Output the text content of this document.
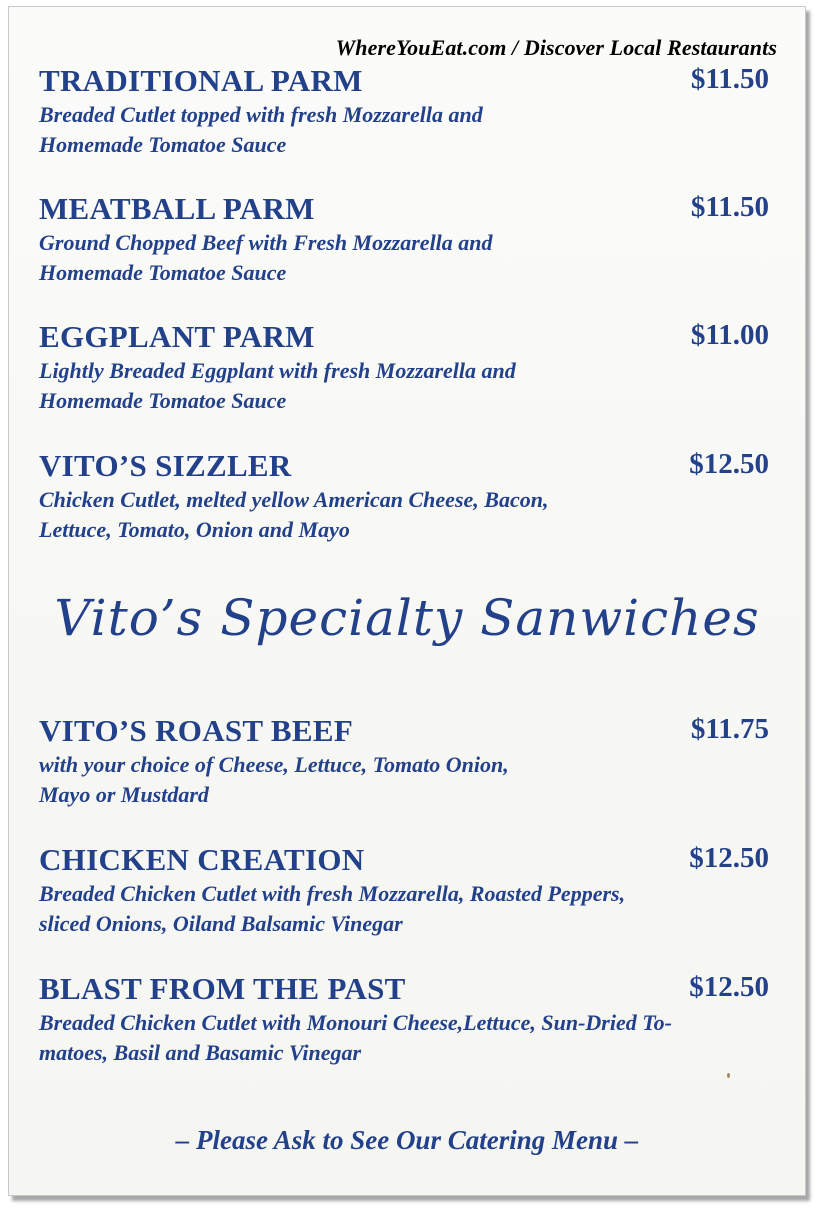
WhereYouEat.com / Discover Local Restaurants
TRADITIONAL PARM	$11.50
Breaded Cutlet topped with fresh Mozzarella and
Homemade Tomatoe Sauce
MEATBALL PARM	$11.50
Ground Chopped Beef with Fresh Mozzarella and
Homemade Tomatoe Sauce
EGGPLANT PARM	$11.00
Lightly Breaded Eggplant with fresh Mozzarella and
Homemade Tomatoe Sauce
VITO’S SIZZLER	$12.50
Chicken Cutlet, melted yellow American Cheese, Bacon,
Lettuce, Tomato, Onion and Mayo
Vito’s Specialty Sanwiches
VITO’S ROAST BEEF	$11.75
with your choice of Cheese, Lettuce, Tomato Onion,
Mayo or Mustdard
CHICKEN CREATION	$12.50
Breaded Chicken Cutlet with fresh Mozzarella, Roasted Peppers,
sliced Onions, Oiland Balsamic Vinegar
BLAST FROM THE PAST	$12.50
Breaded Chicken Cutlet with Monouri Cheese,Lettuce, Sun-Dried To-
matoes, Basil and Basamic Vinegar
– Please Ask to See Our Catering Menu –
